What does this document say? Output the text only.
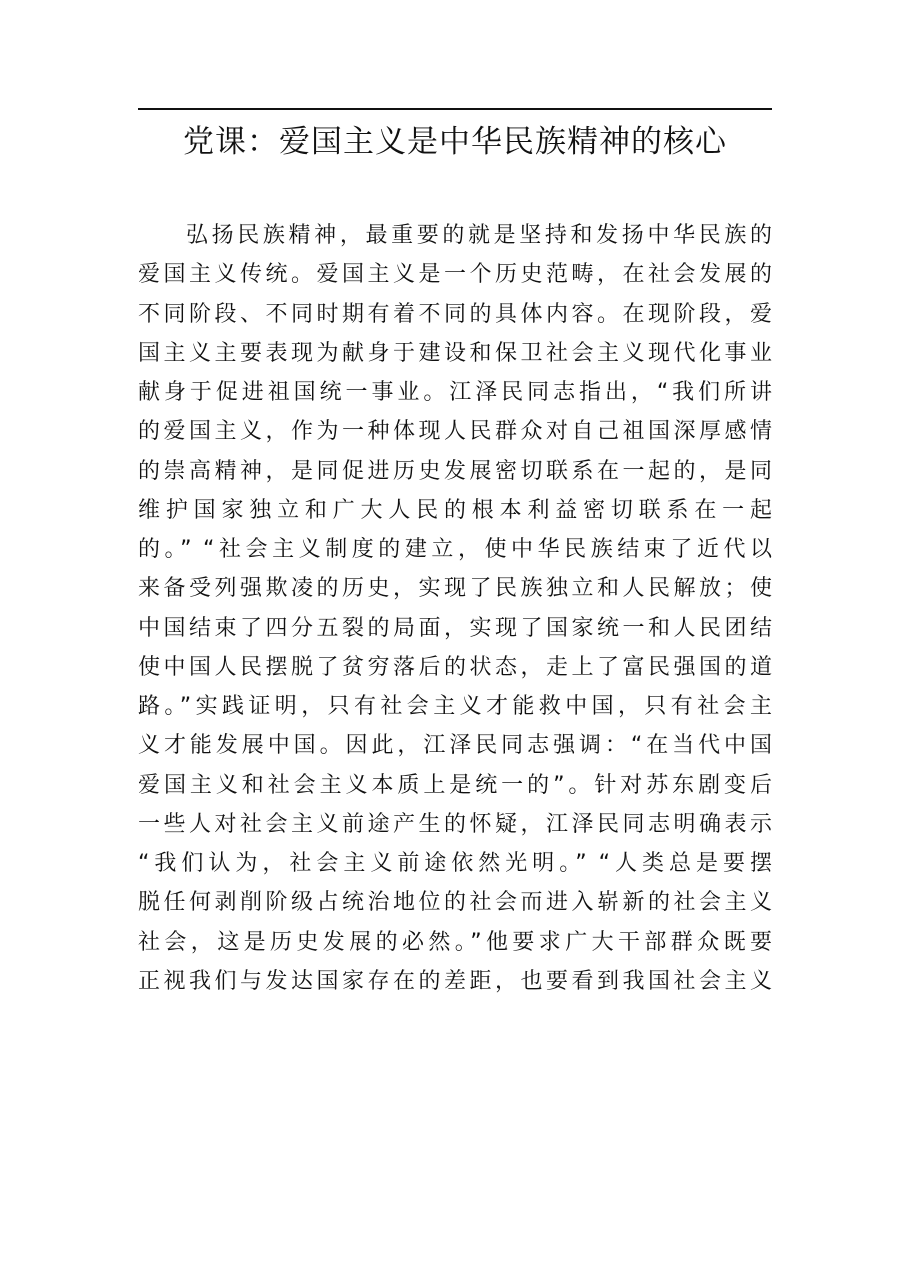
党课：爱国主义是中华民族精神的核心
弘扬民族精神，最重要的就是坚持和发扬中华民族的
爱国主义传统。爱国主义是一个历史范畴，在社会发展的
不同阶段、不同时期有着不同的具体内容。在现阶段，爱
国主义主要表现为献身于建设和保卫社会主义现代化事业
献身于促进祖国统一事业。江泽民同志指出，“我们所讲
的爱国主义，作为一种体现人民群众对自己祖国深厚感情
的崇高精神，是同促进历史发展密切联系在一起的，是同
维护国家独立和广大人民的根本利益密切联系在一起
的。” “社会主义制度的建立，使中华民族结束了近代以
来备受列强欺凌的历史，实现了民族独立和人民解放；使
中国结束了四分五裂的局面，实现了国家统一和人民团结
使中国人民摆脱了贫穷落后的状态，走上了富民强国的道
路。”实践证明，只有社会主义才能救中国，只有社会主
义才能发展中国。因此，江泽民同志强调：“在当代中国
爱国主义和社会主义本质上是统一的”。针对苏东剧变后
一些人对社会主义前途产生的怀疑，江泽民同志明确表示
“我们认为，社会主义前途依然光明。” “人类总是要摆
脱任何剥削阶级占统治地位的社会而进入崭新的社会主义
社会，这是历史发展的必然。”他要求广大干部群众既要
正视我们与发达国家存在的差距，也要看到我国社会主义
